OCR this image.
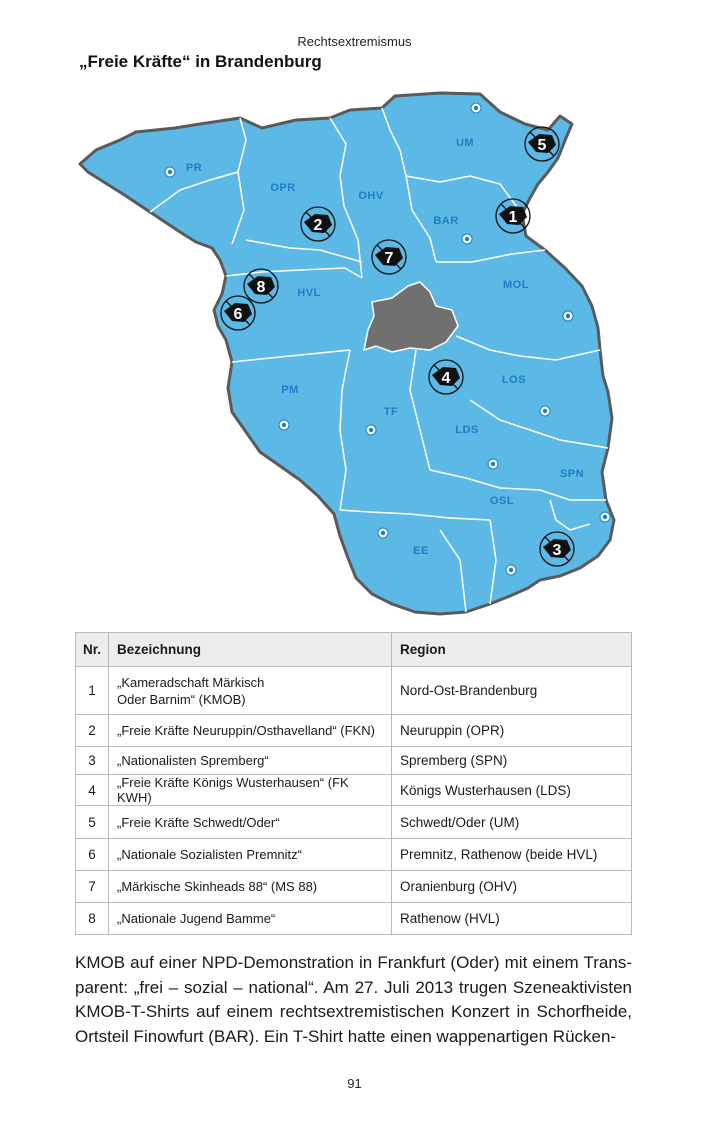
Rechtsextremismus
„Freie Kräfte“ in Brandenburg
PR
OPR
OHV
UM
BAR
MOL
HVL
PM
TF
LOS
LDS
SPN
OSL
EE
1
2
3
4
5
6
7
8
Nr.	Bezeichnung	Region
1	„Kameradschaft Märkisch
Oder Barnim“ (KMOB)	Nord-Ost-Brandenburg
2	„Freie Kräfte Neuruppin/Osthavelland“ (FKN)	Neuruppin (OPR)
3	„Nationalisten Spremberg“	Spremberg (SPN)
4	„Freie Kräfte Königs Wusterhausen“ (FK KWH)	Königs Wusterhausen (LDS)
5	„Freie Kräfte Schwedt/Oder“	Schwedt/Oder (UM)
6	„Nationale Sozialisten Premnitz“	Premnitz, Rathenow (beide HVL)
7	„Märkische Skinheads 88“ (MS 88)	Oranienburg (OHV)
8	„Nationale Jugend Bamme“	Rathenow (HVL)

KMOB auf einer NPD-Demonstration in Frankfurt (Oder) mit einem Transparent: „frei – sozial – national“. Am 27. Juli 2013 trugen Szeneaktivisten KMOB-T-Shirts auf einem rechtsextremistischen Konzert in Schorfheide, Ortsteil Finowfurt (BAR). Ein T-Shirt hatte einen wappenartigen Rücken-

91
